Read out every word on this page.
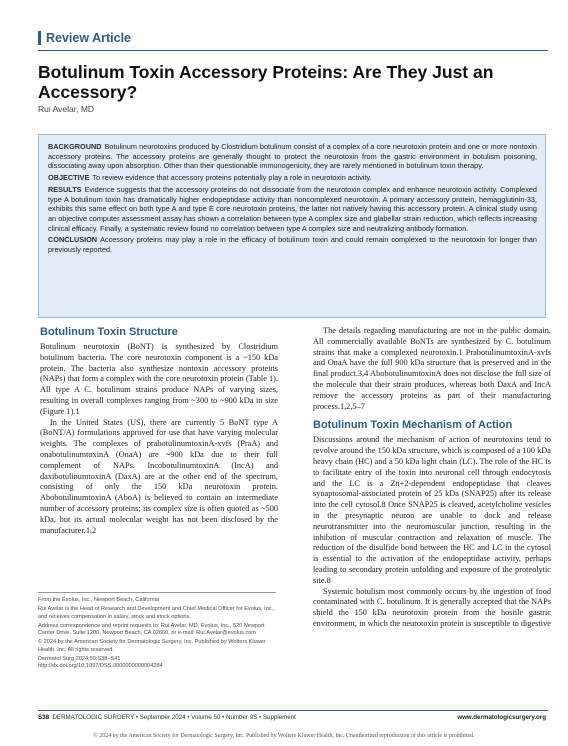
Review Article
Botulinum Toxin Accessory Proteins: Are They Just an Accessory?
Rui Avelar, MD

BACKGROUND Botulinum neurotoxins produced by Clostridium botulinum consist of a complex of a core neurotoxin protein and one or more nontoxin accessory proteins. The accessory proteins are generally thought to protect the neurotoxin from the gastric environment in botulism poisoning, dissociating away upon absorption. Other than their questionable immunogenicity, they are rarely mentioned in botulinum toxin therapy.

OBJECTIVE To review evidence that accessory proteins potentially play a role in neurotoxin activity.

RESULTS Evidence suggests that the accessory proteins do not dissociate from the neurotoxin complex and enhance neurotoxin activity. Complexed type A botulinum toxin has dramatically higher endopeptidase activity than noncomplexed neurotoxin. A primary accessory protein, hemagglutinin-33, exhibits this same effect on both type A and type E core neurotoxin proteins, the latter not natively having this accessory protein. A clinical study using an objective computer assessment assay has shown a correlation between type A complex size and glabellar strain reduction, which reflects increasing clinical efficacy. Finally, a systematic review found no correlation between type A complex size and neutralizing antibody formation.

CONCLUSION Accessory proteins may play a role in the efficacy of botulinum toxin and could remain complexed to the neurotoxin for longer than previously reported.

Botulinum Toxin Structure

Botulinum neurotoxin (BoNT) is synthesized by Clostridium botulinum bacteria. The core neurotoxin component is a ~150 kDa protein. The bacteria also synthesize nontoxin accessory proteins (NAPs) that form a complex with the core neurotoxin protein (Table 1). All type A C. botulinum strains produce NAPs of varying sizes, resulting in overall complexes ranging from ~300 to ~900 kDa in size (Figure 1).1

In the United States (US), there are currently 5 BoNT type A (BoNT/A) formulations approved for use that have varying molecular weights. The complexes of prabotulinumtoxinA-xvfs (PraA) and onabotulinumtoxinA (OnaA) are ~900 kDa due to their full complement of NAPs. IncobotulinumtoxinA (IncA) and daxibotulinumtoxinA (DaxA) are at the other end of the spectrum, consisting of only the 150 kDa neurotoxin protein. AbobotulinumtoxinA (AboA) is believed to contain an intermediate number of accessory proteins; its complex size is often quoted as ~500 kDa, but its actual molecular weight has not been disclosed by the manufacturer.1,2

From the Evolus, Inc., Newport Beach, California

Rui Avelar is the Head of Research and Development and Chief Medical Officer for Evolus, Inc., and receives compensation in salary, stock and stock options.

Address correspondence and reprint requests to: Rui Avelar, MD, Evolus, Inc., 520 Newport Center Drive, Suite 1200, Newport Beach, CA 92660, or e-mail: Rui.Avelar@evolus.com

© 2024 by the American Society for Dermatologic Surgery, Inc. Published by Wolters Kluwer Health, Inc. All rights reserved.

Dermatol Surg 2024;50:S38–S41

http://dx.doi.org/10.1097/DSS.0000000000004284

The details regarding manufacturing are not in the public domain. All commercially available BoNTs are synthesized by C. botulinum strains that make a complexed neurotoxin.1 PrabotulinumtoxinA-xvfs and OnaA have the full 900 kDa structure that is preserved and in the final product.3,4 AbobotulinumtoxinA does not disclose the full size of the molecule that their strain produces, whereas both DaxA and IncA remove the accessory proteins as part of their manufacturing process.1,2,5–7

Botulinum Toxin Mechanism of Action

Discussions around the mechanism of action of neurotoxins tend to revolve around the 150 kDa structure, which is composed of a 100 kDa heavy chain (HC) and a 50 kDa light chain (LC). The role of the HC is to facilitate entry of the toxin into neuronal cell through endocytosis and the LC is a Zn+2-dependent endopeptidase that cleaves synaptosomal-associated protein of 25 kDa (SNAP25) after its release into the cell cytosol.8 Once SNAP25 is cleaved, acetylcholine vesicles in the presynaptic neuron are unable to dock and release neurotransmitter into the neuromuscular junction, resulting in the inhibition of muscular contraction and relaxation of muscle. The reduction of the disulfide bond between the HC and LC in the cytosol is essential to the activation of the endopeptidase activity, perhaps leading to secondary protein unfolding and exposure of the proteolytic site.8

Systemic botulism most commonly occurs by the ingestion of food contaminated with C. botulinum. It is generally accepted that the NAPs shield the 150 kDa neurotoxin protein from the hostile gastric environment, in which the neurotoxin protein is susceptible to digestive

S38 DERMATOLOGIC SURGERY • September 2024 • Volume 50 • Number 9S • Supplement	www.dermatologicsurgery.org
© 2024 by the American Society for Dermatologic Surgery, Inc. Published by Wolters Kluwer Health, Inc. Unauthorized reproduction of this article is prohibited.
